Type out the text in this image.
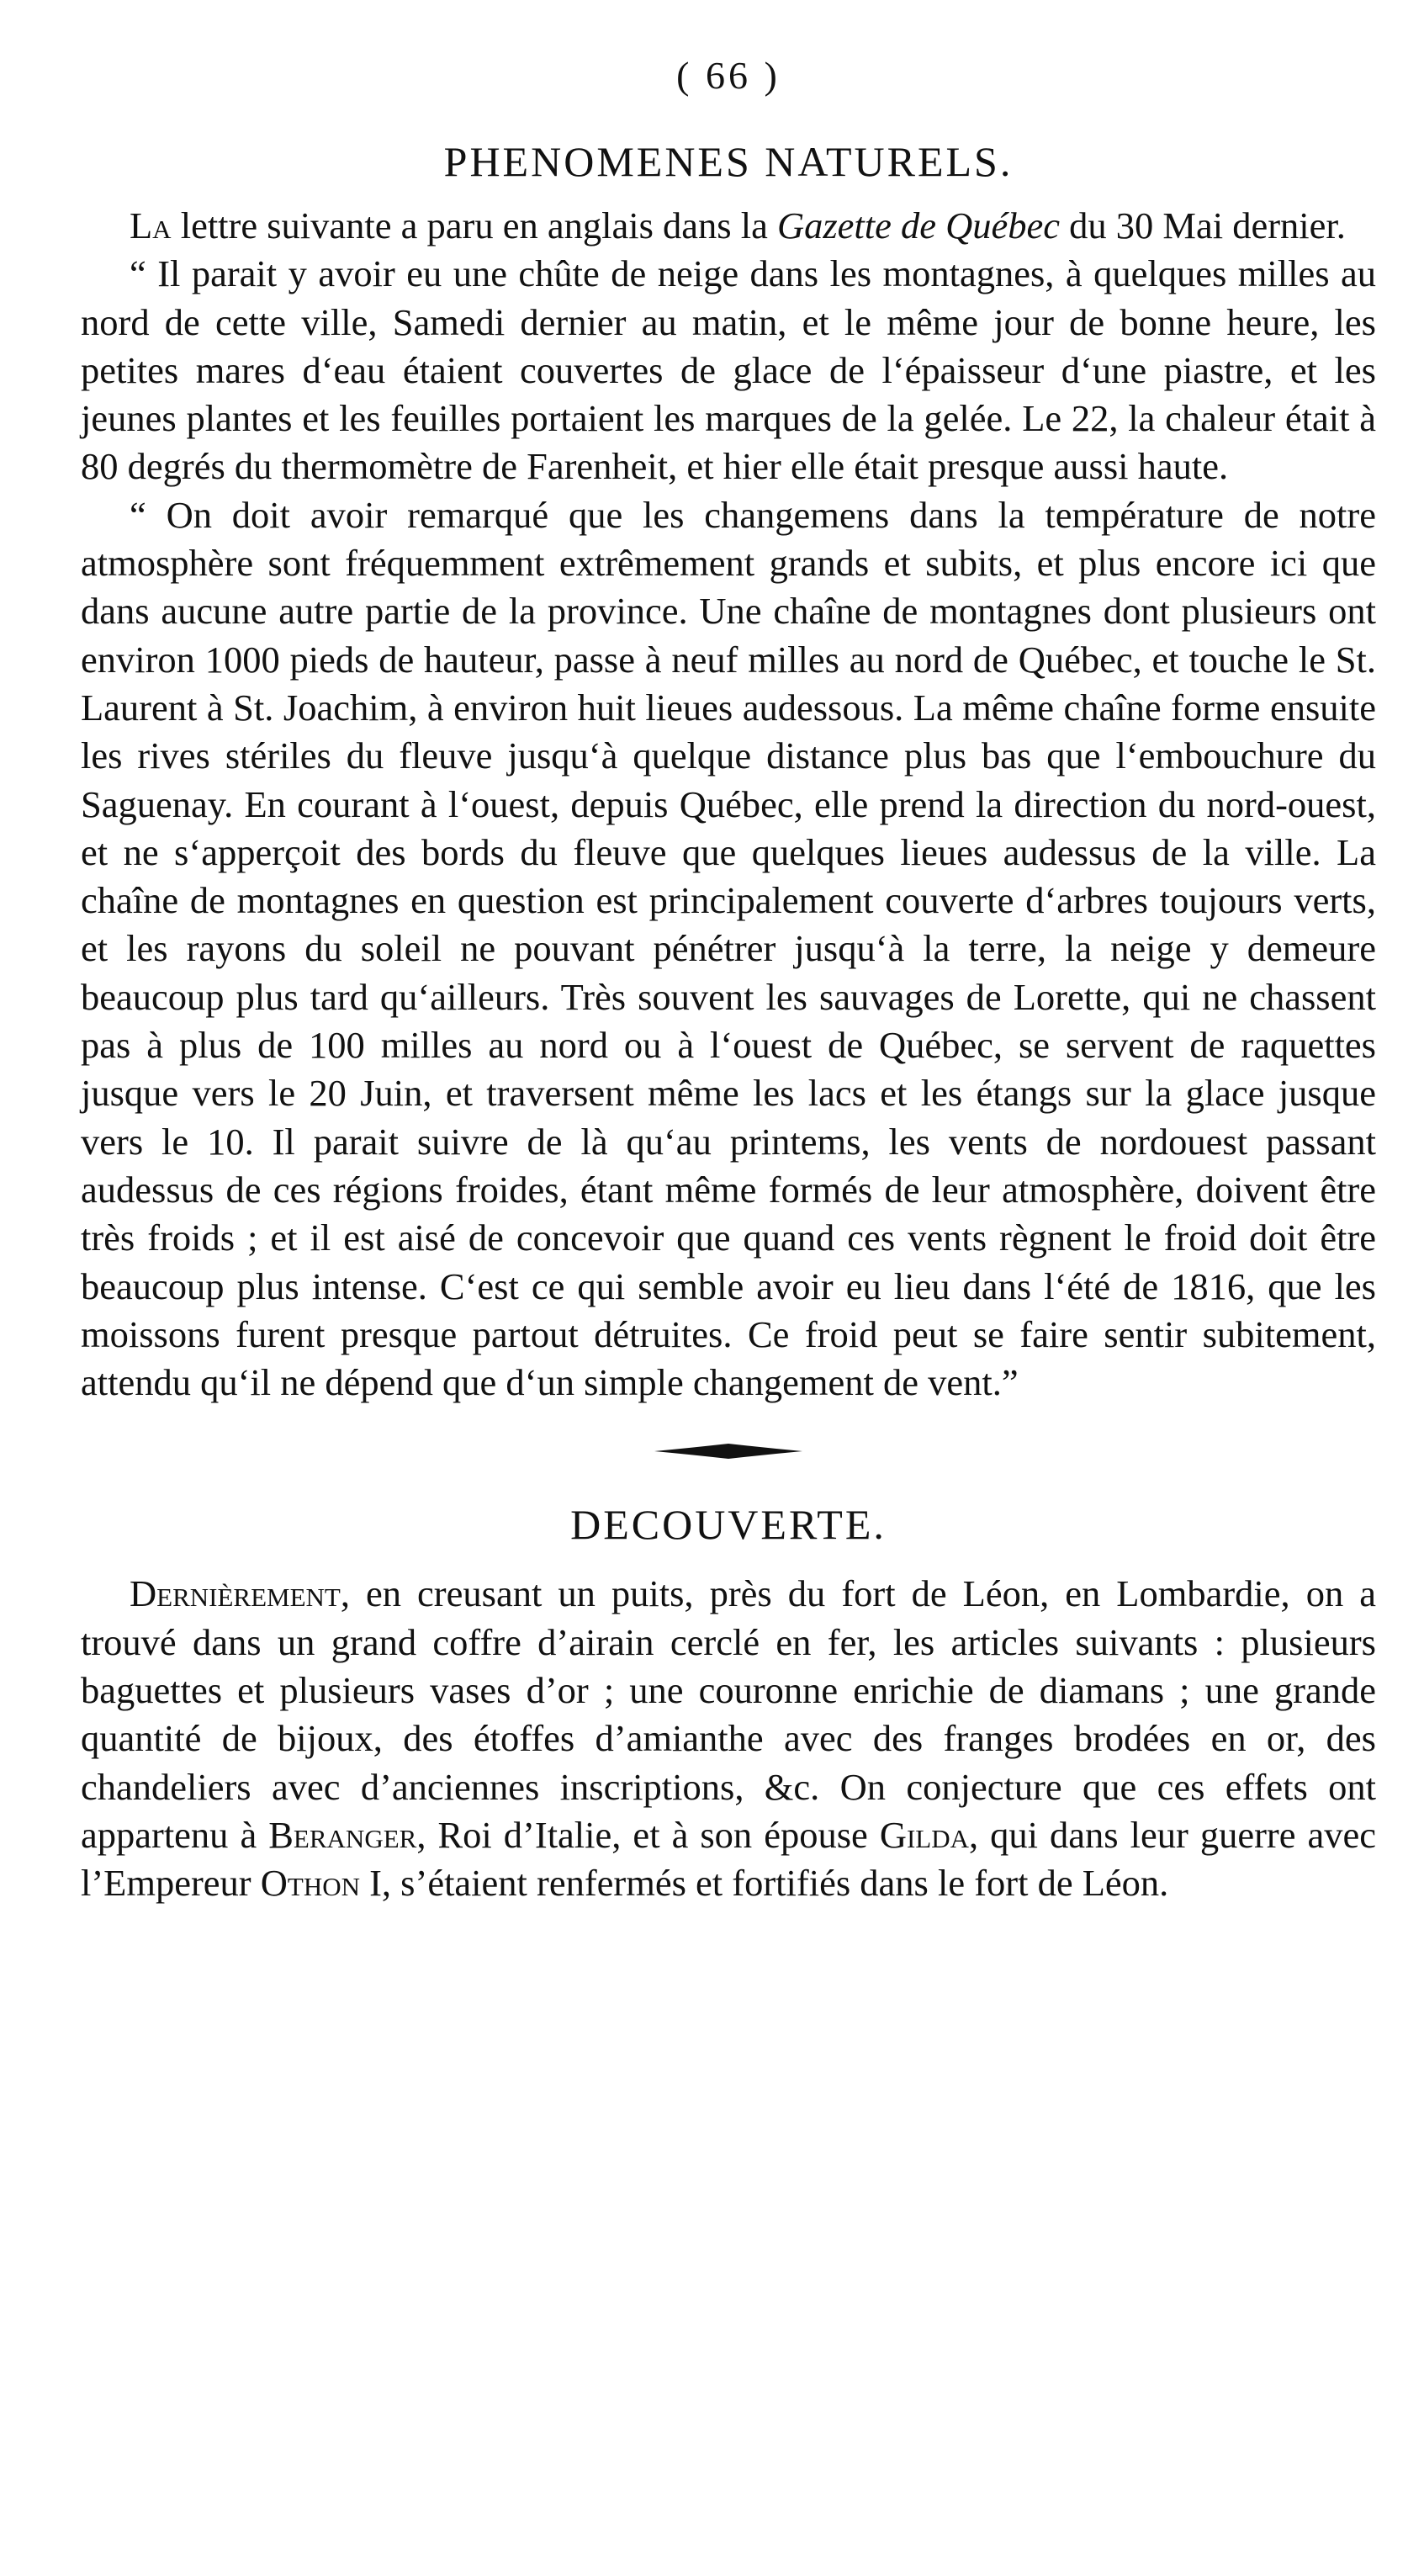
( 66 )
PHENOMENES NATURELS.

La lettre suivante a paru en anglais dans la Gazette de Québec du 30 Mai dernier.

“ Il parait y avoir eu une chûte de neige dans les montagnes, à quelques milles au nord de cette ville, Samedi dernier au matin, et le même jour de bonne heure, les petites mares d‘eau étaient couvertes de glace de l‘épaisseur d‘une piastre, et les jeunes plantes et les feuilles portaient les marques de la gelée. Le 22, la chaleur était à 80 degrés du thermomètre de Farenheit, et hier elle était presque aussi haute.

“ On doit avoir remarqué que les changemens dans la température de notre atmosphère sont fréquemment extrêmement grands et subits, et plus encore ici que dans aucune autre partie de la province. Une chaîne de montagnes dont plusieurs ont environ 1000 pieds de hauteur, passe à neuf milles au nord de Québec, et touche le St. Laurent à St. Joachim, à environ huit lieues audessous. La même chaîne forme ensuite les rives stériles du fleuve jusqu‘à quelque distance plus bas que l‘embouchure du Saguenay. En courant à l‘ouest, depuis Québec, elle prend la direction du nord-ouest, et ne s‘apperçoit des bords du fleuve que quelques lieues audessus de la ville. La chaîne de montagnes en question est principalement couverte d‘arbres toujours verts, et les rayons du soleil ne pouvant pénétrer jusqu‘à la terre, la neige y demeure beaucoup plus tard qu‘ailleurs. Très souvent les sauvages de Lorette, qui ne chassent pas à plus de 100 milles au nord ou à l‘ouest de Québec, se servent de raquettes jusque vers le 20 Juin, et traversent même les lacs et les étangs sur la glace jusque vers le 10. Il parait suivre de là qu‘au printems, les vents de nordouest passant audessus de ces régions froides, étant même formés de leur atmosphère, doivent être très froids ; et il est aisé de concevoir que quand ces vents règnent le froid doit être beaucoup plus intense. C‘est ce qui semble avoir eu lieu dans l‘été de 1816, que les moissons furent presque partout détruites. Ce froid peut se faire sentir subitement, attendu qu‘il ne dépend que d‘un simple changement de vent.”

DECOUVERTE.

Dernièrement, en creusant un puits, près du fort de Léon, en Lombardie, on a trouvé dans un grand coffre d’airain cerclé en fer, les articles suivants : plusieurs baguettes et plusieurs vases d’or ; une couronne enrichie de diamans ; une grande quantité de bijoux, des étoffes d’amianthe avec des franges brodées en or, des chandeliers avec d’anciennes inscriptions, &c. On conjecture que ces effets ont appartenu à Beranger, Roi d’Italie, et à son épouse Gilda, qui dans leur guerre avec l’Empereur Othon I, s’étaient renfermés et fortifiés dans le fort de Léon.
